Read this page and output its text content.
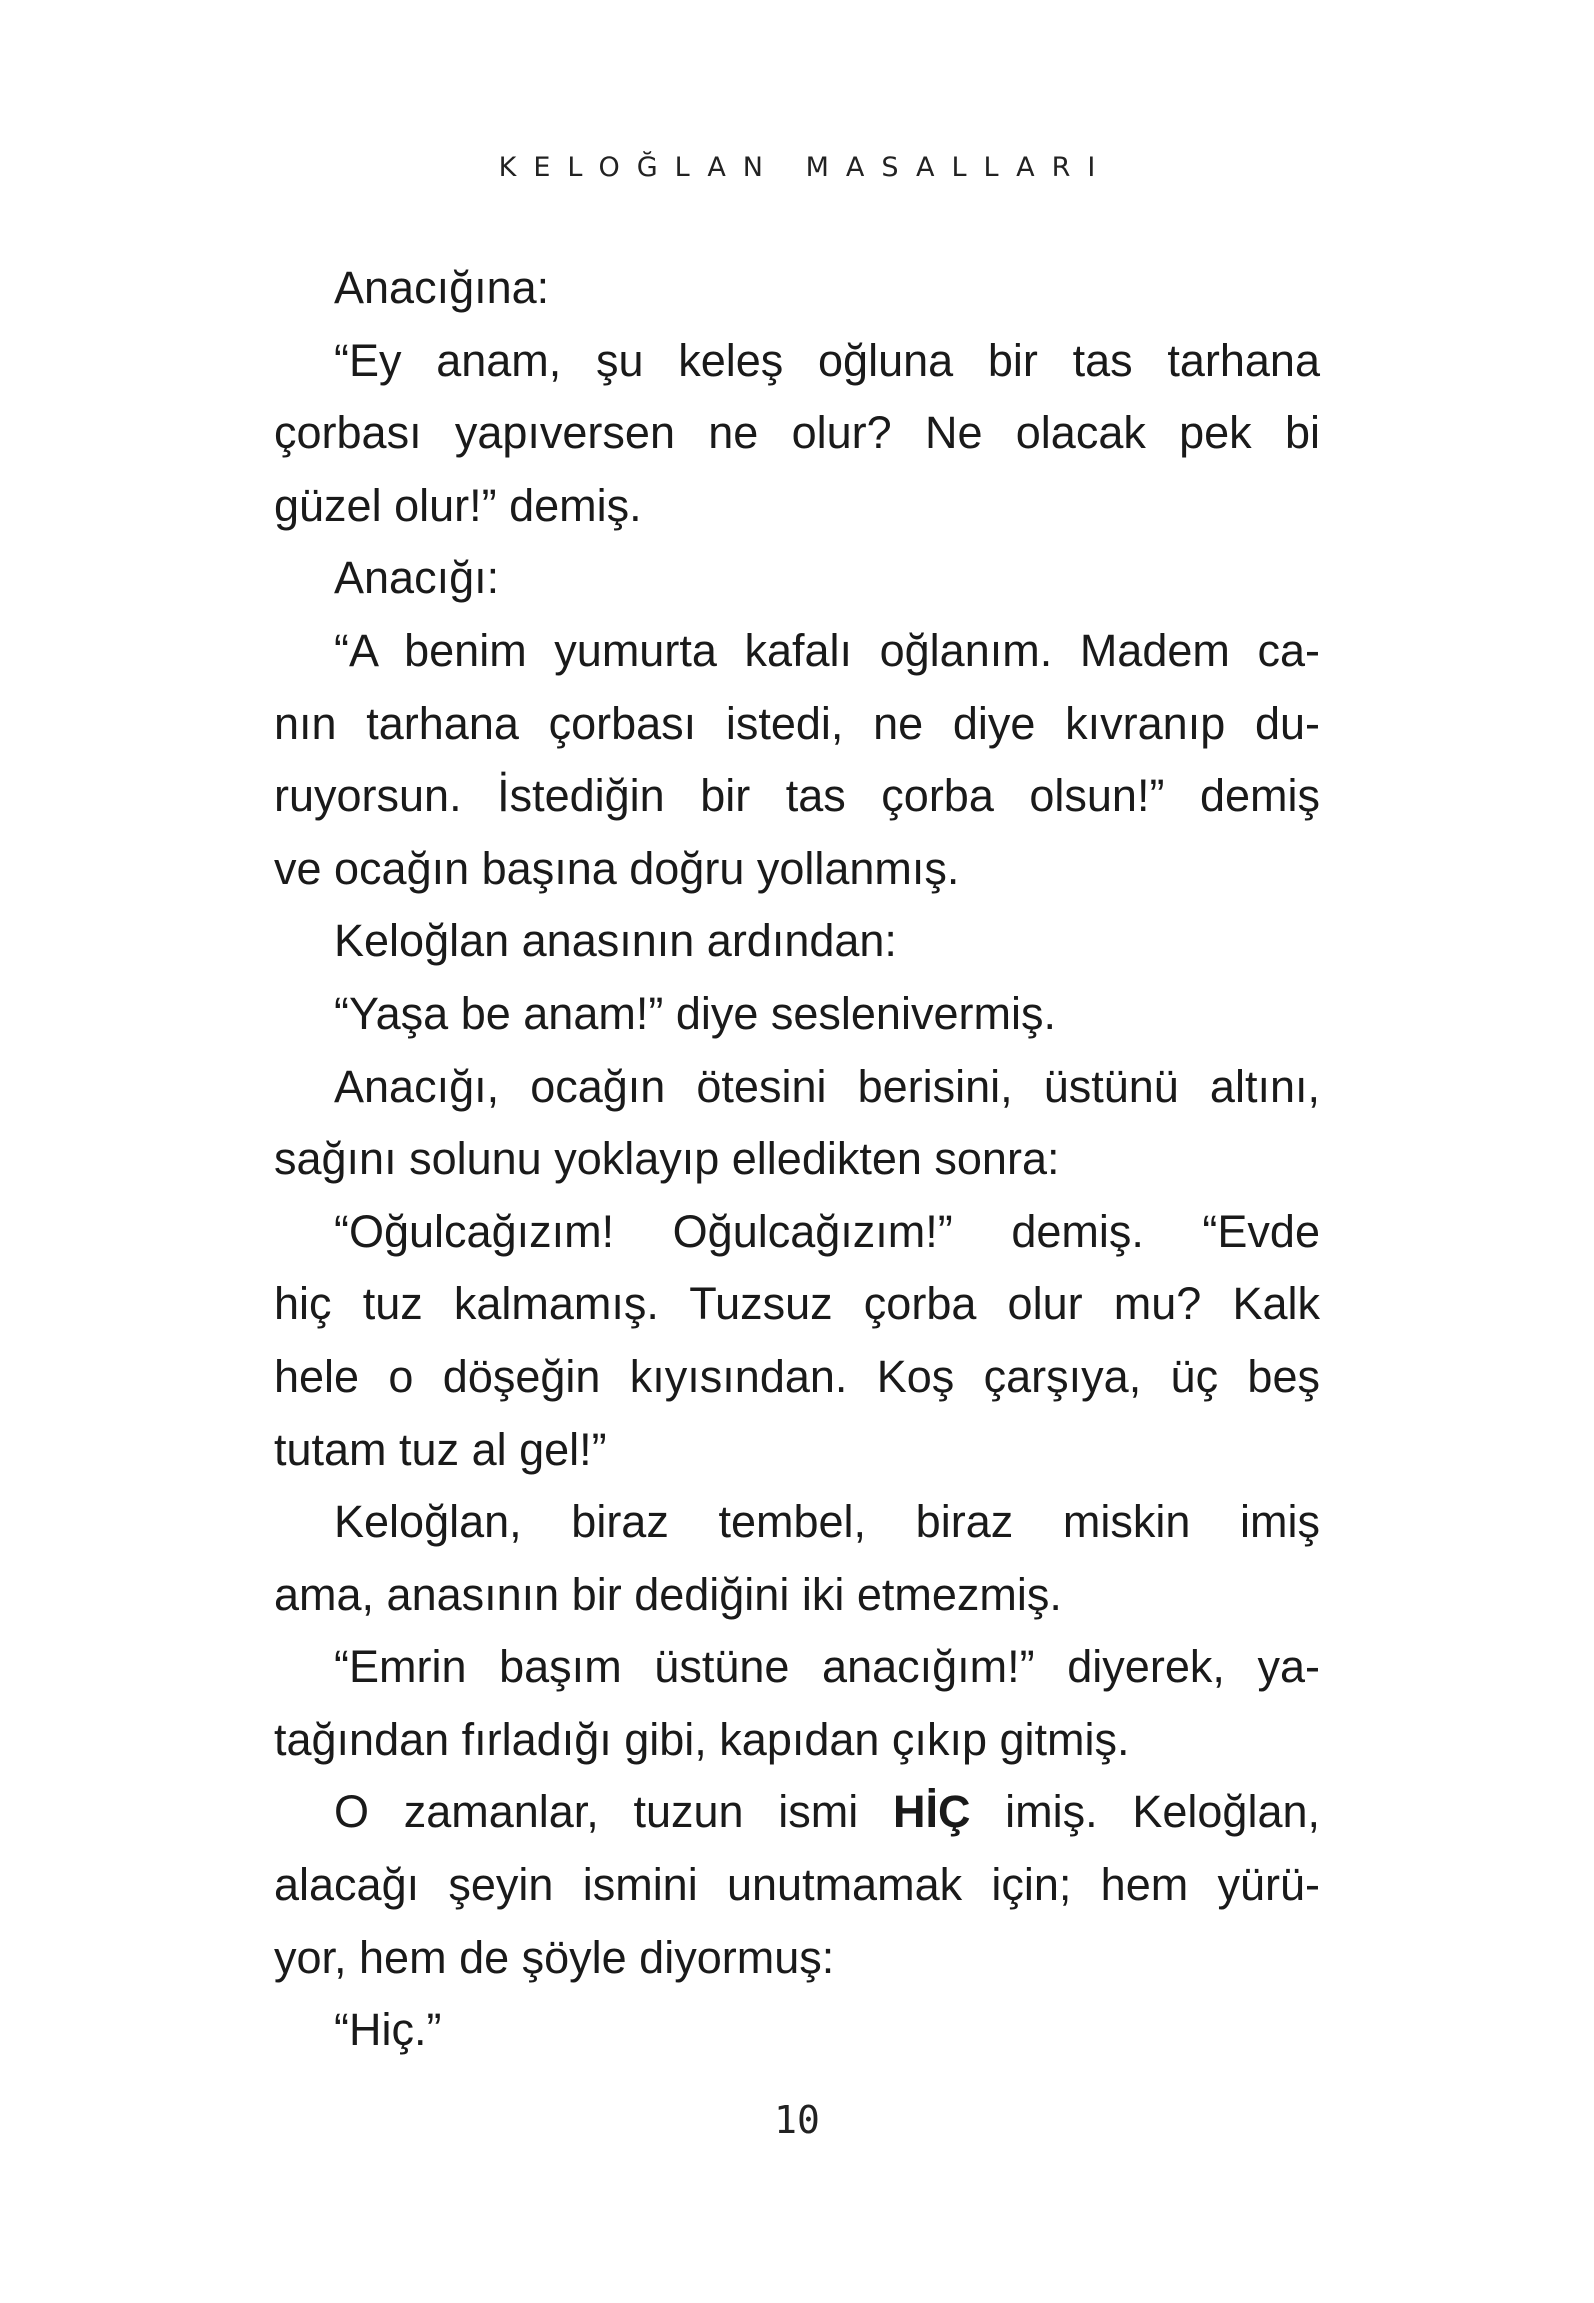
KELOĞLAN MASALLARI
Anacığına:
“Ey anam, şu keleş oğluna bir tas tarhana
çorbası yapıversen ne olur? Ne olacak pek bi
güzel olur!” demiş.
Anacığı:
“A benim yumurta kafalı oğlanım. Madem ca-
nın tarhana çorbası istedi, ne diye kıvranıp du-
ruyorsun. İstediğin bir tas çorba olsun!” demiş
ve ocağın başına doğru yollanmış.
Keloğlan anasının ardından:
“Yaşa be anam!” diye seslenivermiş.
Anacığı, ocağın ötesini berisini, üstünü altını,
sağını solunu yoklayıp elledikten sonra:
“Oğulcağızım! Oğulcağızım!” demiş. “Evde
hiç tuz kalmamış. Tuzsuz çorba olur mu? Kalk
hele o döşeğin kıyısından. Koş çarşıya, üç beş
tutam tuz al gel!”
Keloğlan, biraz tembel, biraz miskin imiş
ama, anasının bir dediğini iki etmezmiş.
“Emrin başım üstüne anacığım!” diyerek, ya-
tağından fırladığı gibi, kapıdan çıkıp gitmiş.
O zamanlar, tuzun ismi HİÇ imiş. Keloğlan,
alacağı şeyin ismini unutmamak için; hem yürü-
yor, hem de şöyle diyormuş:
“Hiç.”
10
